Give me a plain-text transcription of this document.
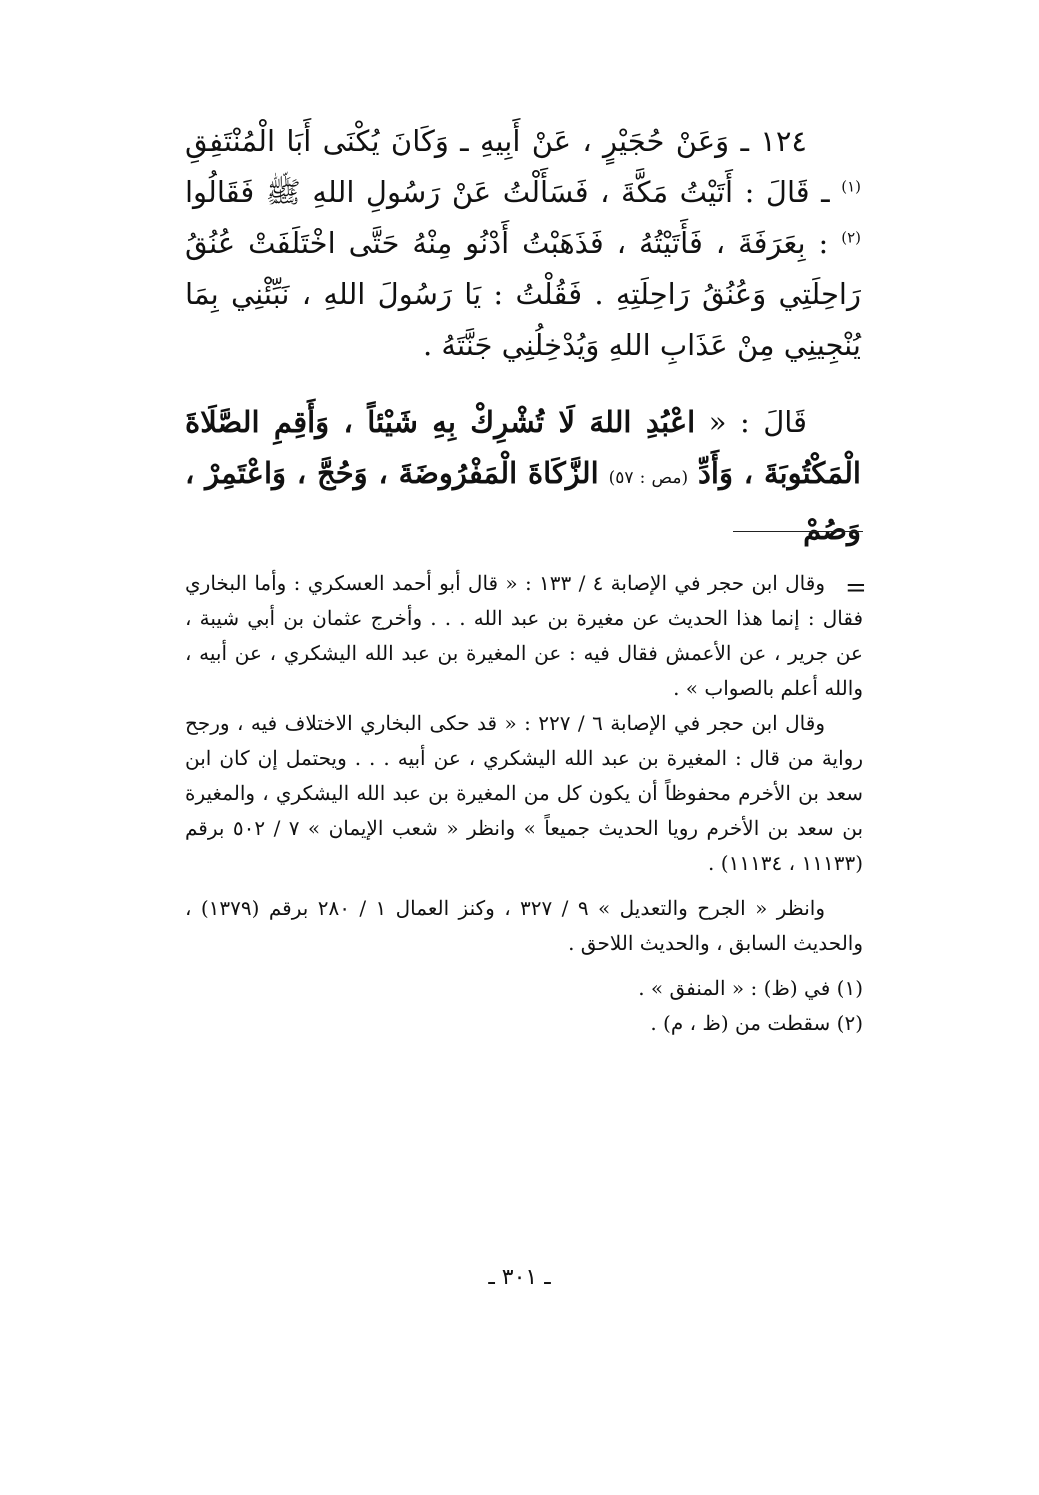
١٢٤ ـ وَعَنْ حُجَيْرٍ ، عَنْ أَبِيهِ ـ وَكَانَ يُكْنَى أَبَا الْمُنْتَفِقِ $^{(١)}$ ـ قَالَ : أَتَيْتُ مَكَّةَ ، فَسَأَلْتُ عَنْ رَسُولِ اللهِ ﷺ فَقَالُوا $^{(٢)}$ : بِعَرَفَةَ ، فَأَتَيْتُهُ ، فَذَهَبْتُ أَدْنُو مِنْهُ حَتَّى اخْتَلَفَتْ عُنُقُ رَاحِلَتِي وَعُنُقُ رَاحِلَتِهِ . فَقُلْتُ : يَا رَسُولَ اللهِ ، نَبِّئْنِي بِمَا يُنْجِينِي مِنْ عَذَابِ اللهِ وَيُدْخِلُنِي جَنَّتَهُ .

قَالَ : « اعْبُدِ اللهَ لَا تُشْرِكْ بِهِ شَيْئاً ، وَأَقِمِ الصَّلَاةَ الْمَكْتُوبَةَ ، وَأَدِّ (مص : ٥٧) الزَّكَاةَ الْمَفْرُوضَةَ ، وَحُجَّ ، وَاعْتَمِرْ ، وَصُمْ

=

وقال ابن حجر في الإصابة ٤ / ١٣٣ : « قال أبو أحمد العسكري : وأما البخاري فقال : إنما هذا الحديث عن مغيرة بن عبد الله . . . وأخرج عثمان بن أبي شيبة ، عن جرير ، عن الأعمش فقال فيه : عن المغيرة بن عبد الله اليشكري ، عن أبيه ، والله أعلم بالصواب » .

وقال ابن حجر في الإصابة ٦ / ٢٢٧ : « قد حكى البخاري الاختلاف فيه ، ورجح رواية من قال : المغيرة بن عبد الله اليشكري ، عن أبيه . . . ويحتمل إن كان ابن سعد بن الأخرم محفوظاً أن يكون كل من المغيرة بن عبد الله اليشكري ، والمغيرة بن سعد بن الأخرم رويا الحديث جميعاً » وانظر « شعب الإيمان » ٧ / ٥٠٢ برقم (١١١٣٣ ، ١١١٣٤) .

وانظر « الجرح والتعديل » ٩ / ٣٢٧ ، وكنز العمال ١ / ٢٨٠ برقم (١٣٧٩) ، والحديث السابق ، والحديث اللاحق .

(١) في (ظ) : « المنفق » .

(٢) سقطت من (ظ ، م) .

ـ ٣٠١ ـ
